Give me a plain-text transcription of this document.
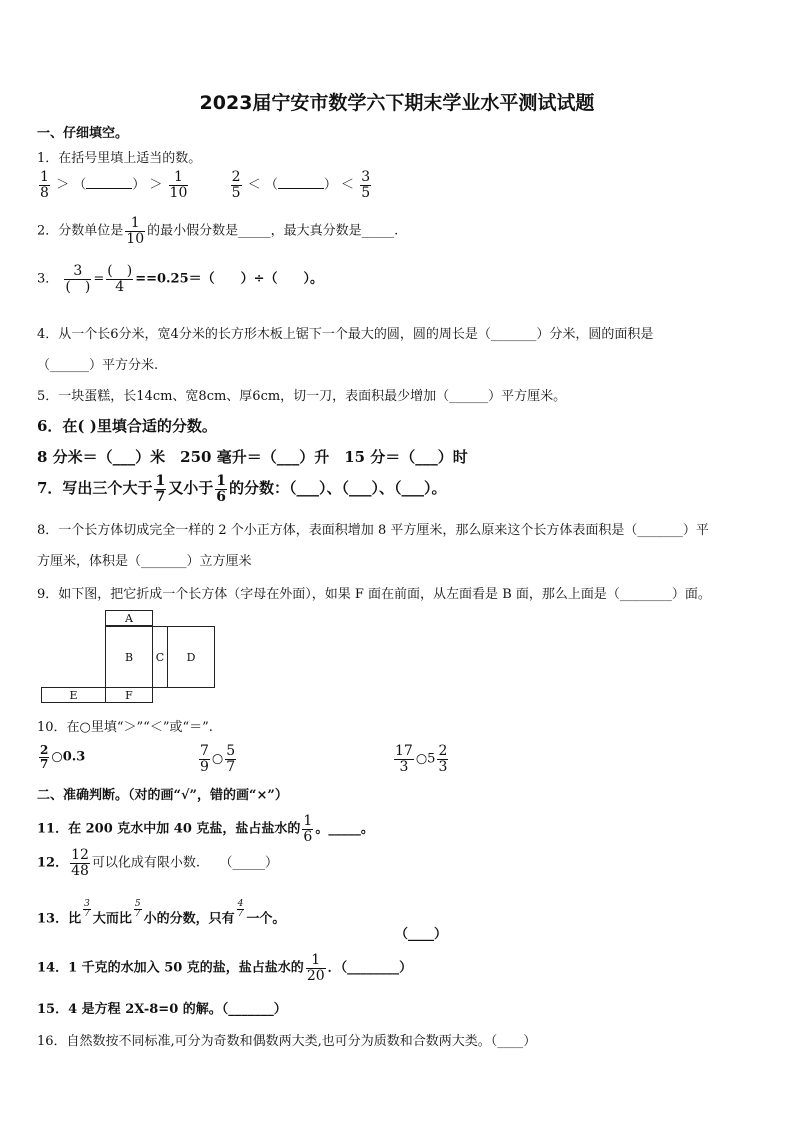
2023届宁安市数学六下期末学业水平测试试题
一、仔细填空。
1．在括号里填上适当的数。
$\frac{1}{8}$ ＞ （	） ＞ $\frac{1}{10}$
	$\frac{2}{5}$ ＜ （	） ＜ $\frac{3}{5}$
2．分数单位是 $\frac{1}{10}$ 的最小假分数是_____，最大真分数是_____.
3． $\frac{3}{( )} = \frac{( )}{4} ==0.25=$（　　）÷（　　）。
4．从一个长6分米，宽4分米的长方形木板上锯下一个最大的圆，圆的周长是（_______）分米，圆的面积是
（______）平方分米.
5．一块蛋糕，长14cm、宽8cm、厚6cm，切一刀，表面积最少增加（______）平方厘米。
6．在( )里填合适的分数。
8 分米＝（___）米　250 毫升＝（___）升　15 分＝（___）时
7．写出三个大于 $\frac{1}{7}$ 又小于 $\frac{1}{6}$ 的分数：（___）、（___）、（___）。
8．一个长方体切成完全一样的 2 个小正方体，表面积增加 8 平方厘米，那么原来这个长方体表面积是（_______）平
方厘米，体积是（_______）立方厘米
9．如下图，把它折成一个长方体（字母在外面），如果 F 面在前面，从左面看是 B 面，那么上面是（________）面。
A
B	C	D
E	F
10．在○里填“＞”“＜”或“＝”.
$\frac{2}{7}$ ○0.3	$\frac{7}{9}$ ○ $\frac{5}{7}$	$\frac{17}{3}$ ○5 $\frac{2}{3}$
二、准确判断。（对的画“√”，错的画“×”）
11．在 200 克水中加 40 克盐，盐占盐水的 $\frac{1}{6}$ 。_____。
12． $\frac{12}{48}$ 可以化成有限小数.　　（_____）
13．比 $\frac{3}{7}$ 大而比 $\frac{5}{7}$ 小的分数，只有 $\frac{4}{7}$ 一个。
（____）
14．1 千克的水加入 50 克的盐，盐占盐水的 $\frac{1}{20}$ ．（________）
15．4 是方程 2X-8=0 的解。（_______）
16．自然数按不同标准,可分为奇数和偶数两大类,也可分为质数和合数两大类。（____）
